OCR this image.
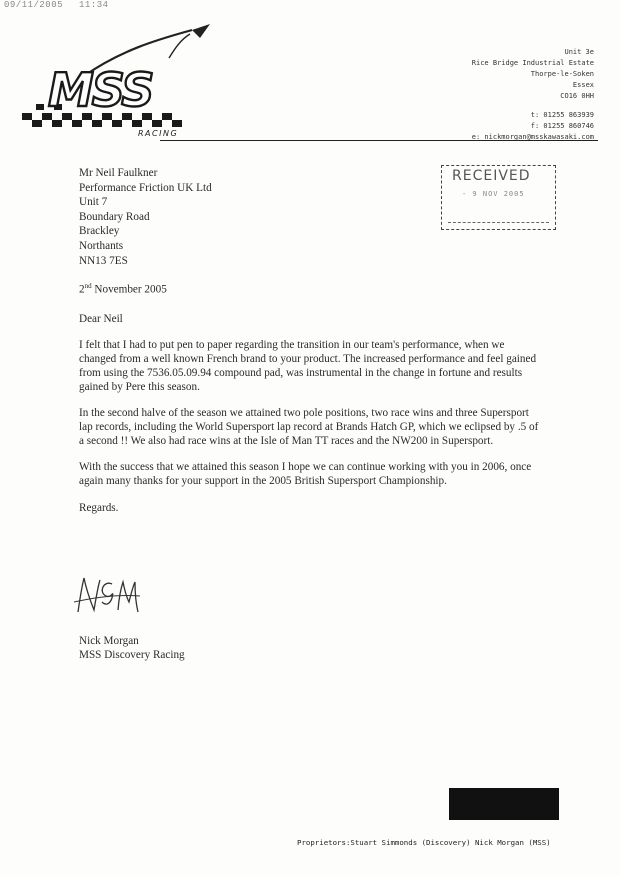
09/11/2005 11:34
MSS
RACING
Unit 3e
Rice Bridge Industrial Estate
Thorpe-le-Soken
Essex
CO16 0HH
t: 01255 863939
f: 01255 860746
e: nickmorgan@msskawasaki.com
RECEIVED
- 9 NOV 2005
Mr Neil Faulkner
Performance Friction UK Ltd
Unit 7
Boundary Road
Brackley
Northants
NN13 7ES
2nd November 2005
Dear Neil

I felt that I had to put pen to paper regarding the transition in our team's performance, when we changed from a well known French brand to your product. The increased performance and feel gained from using the 7536.05.09.94 compound pad, was instrumental in the change in fortune and results gained by Pere this season.

In the second halve of the season we attained two pole positions, two race wins and three Supersport lap records, including the World Supersport lap record at Brands Hatch GP, which we eclipsed by .5 of a second !! We also had race wins at the Isle of Man TT races and the NW200 in Supersport.

With the success that we attained this season I hope we can continue working with you in 2006, once again many thanks for your support in the 2005 British Supersport Championship.

Regards.
Nick Morgan
MSS Discovery Racing
Proprietors:Stuart Simmonds (Discovery) Nick Morgan (MSS)
